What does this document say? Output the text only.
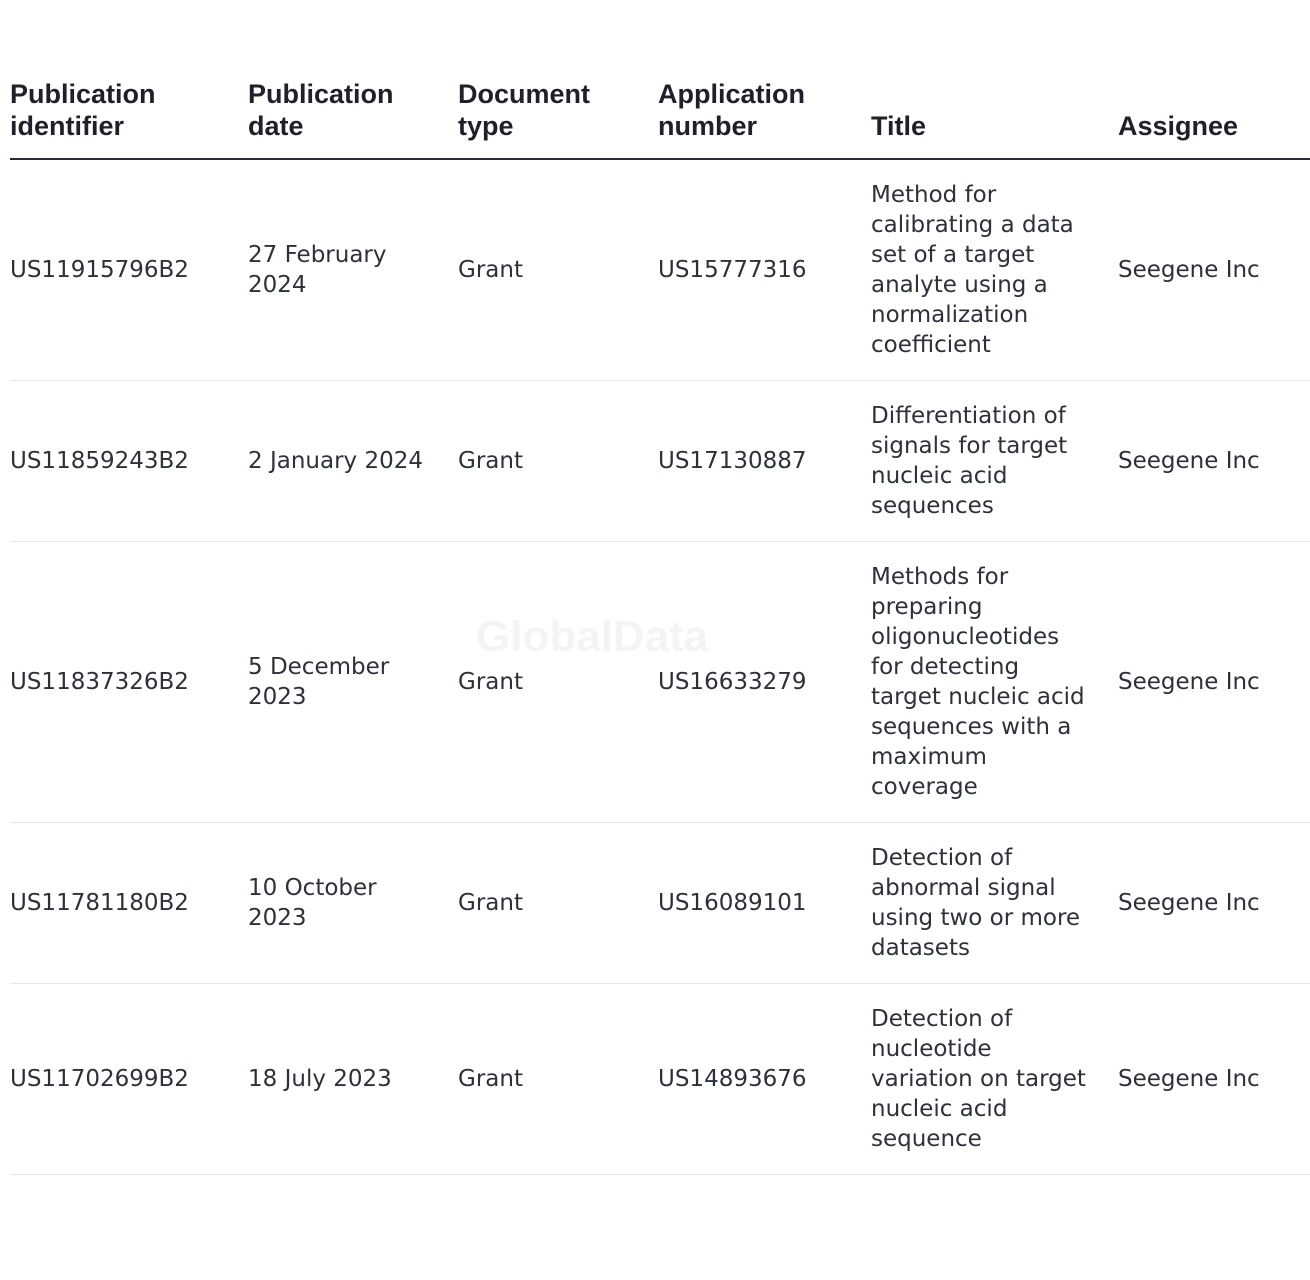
Publication identifier	Publication date	Document type	Application number	Title	Assignee
US11915796B2	27 February 2024	Grant	US15777316	Method for calibrating a data set of a target analyte using a normalization coefficient	Seegene Inc
US11859243B2	2 January 2024	Grant	US17130887	Differentiation of signals for target nucleic acid sequences	Seegene Inc
US11837326B2	5 December 2023	Grant	US16633279	Methods for preparing oligonucleotides for detecting target nucleic acid sequences with a maximum coverage	Seegene Inc
US11781180B2	10 October 2023	Grant	US16089101	Detection of abnormal signal using two or more datasets	Seegene Inc
US11702699B2	18 July 2023	Grant	US14893676	Detection of nucleotide variation on target nucleic acid sequence	Seegene Inc
GlobalData
